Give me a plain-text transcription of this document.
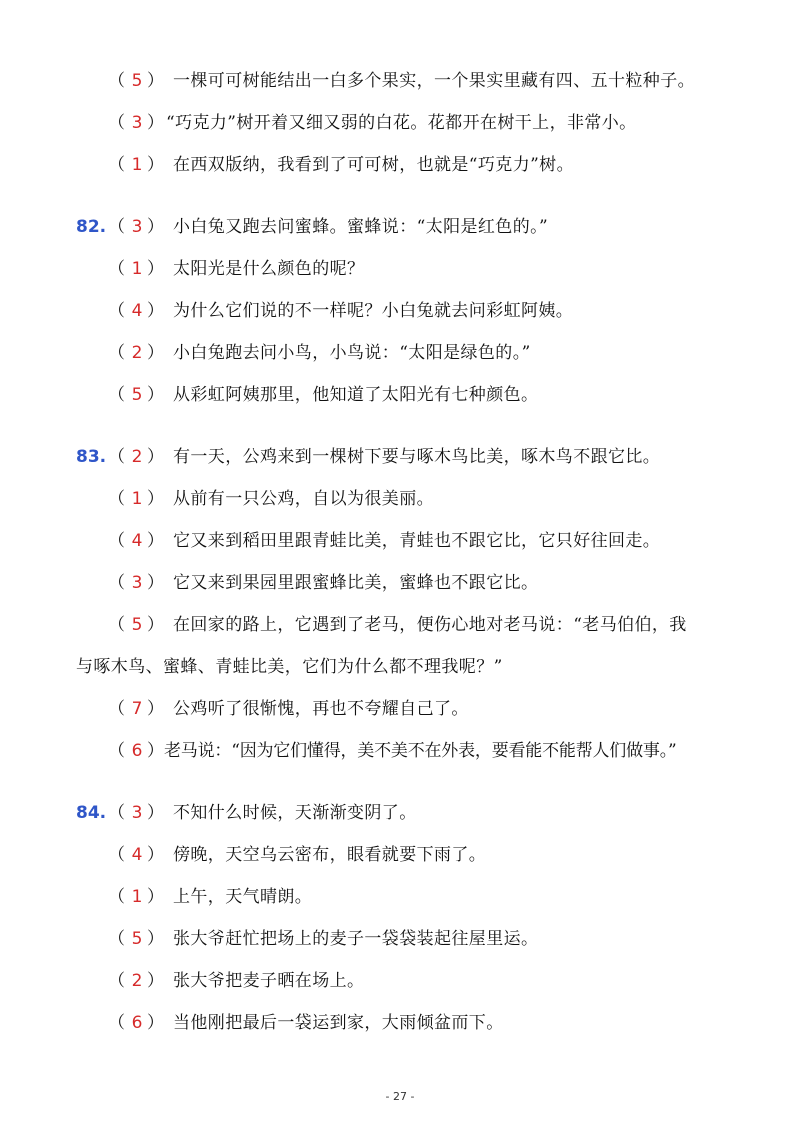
（ 5 ） 一棵可可树能结出一白多个果实，一个果实里藏有四、五十粒种子。
（ 3 ） “巧克力”树开着又细又弱的白花。花都开在树干上，非常小。
（ 1 ） 在西双版纳，我看到了可可树，也就是“巧克力”树。
82. （ 3 ） 小白兔又跑去问蜜蜂。蜜蜂说：“太阳是红色的。”
（ 1 ） 太阳光是什么颜色的呢？
（ 4 ） 为什么它们说的不一样呢？小白兔就去问彩虹阿姨。
（ 2 ） 小白兔跑去问小鸟，小鸟说：“太阳是绿色的。”
（ 5 ） 从彩虹阿姨那里，他知道了太阳光有七种颜色。
83. （ 2 ） 有一天，公鸡来到一棵树下要与啄木鸟比美，啄木鸟不跟它比。
（ 1 ） 从前有一只公鸡，自以为很美丽。
（ 4 ） 它又来到稻田里跟青蛙比美，青蛙也不跟它比，它只好往回走。
（ 3 ） 它又来到果园里跟蜜蜂比美，蜜蜂也不跟它比。
（ 5 ） 在回家的路上，它遇到了老马，便伤心地对老马说：“老马伯伯，我
与啄木鸟、蜜蜂、青蛙比美，它们为什么都不理我呢？”
（ 7 ） 公鸡听了很惭愧，再也不夸耀自己了。
（ 6 ） 老马说：“因为它们懂得，美不美不在外表，要看能不能帮人们做事。”
84. （ 3 ） 不知什么时候，天渐渐变阴了。
（ 4 ） 傍晚，天空乌云密布，眼看就要下雨了。
（ 1 ） 上午，天气晴朗。
（ 5 ） 张大爷赶忙把场上的麦子一袋袋装起往屋里运。
（ 2 ） 张大爷把麦子晒在场上。
（ 6 ） 当他刚把最后一袋运到家，大雨倾盆而下。
- 27 -
